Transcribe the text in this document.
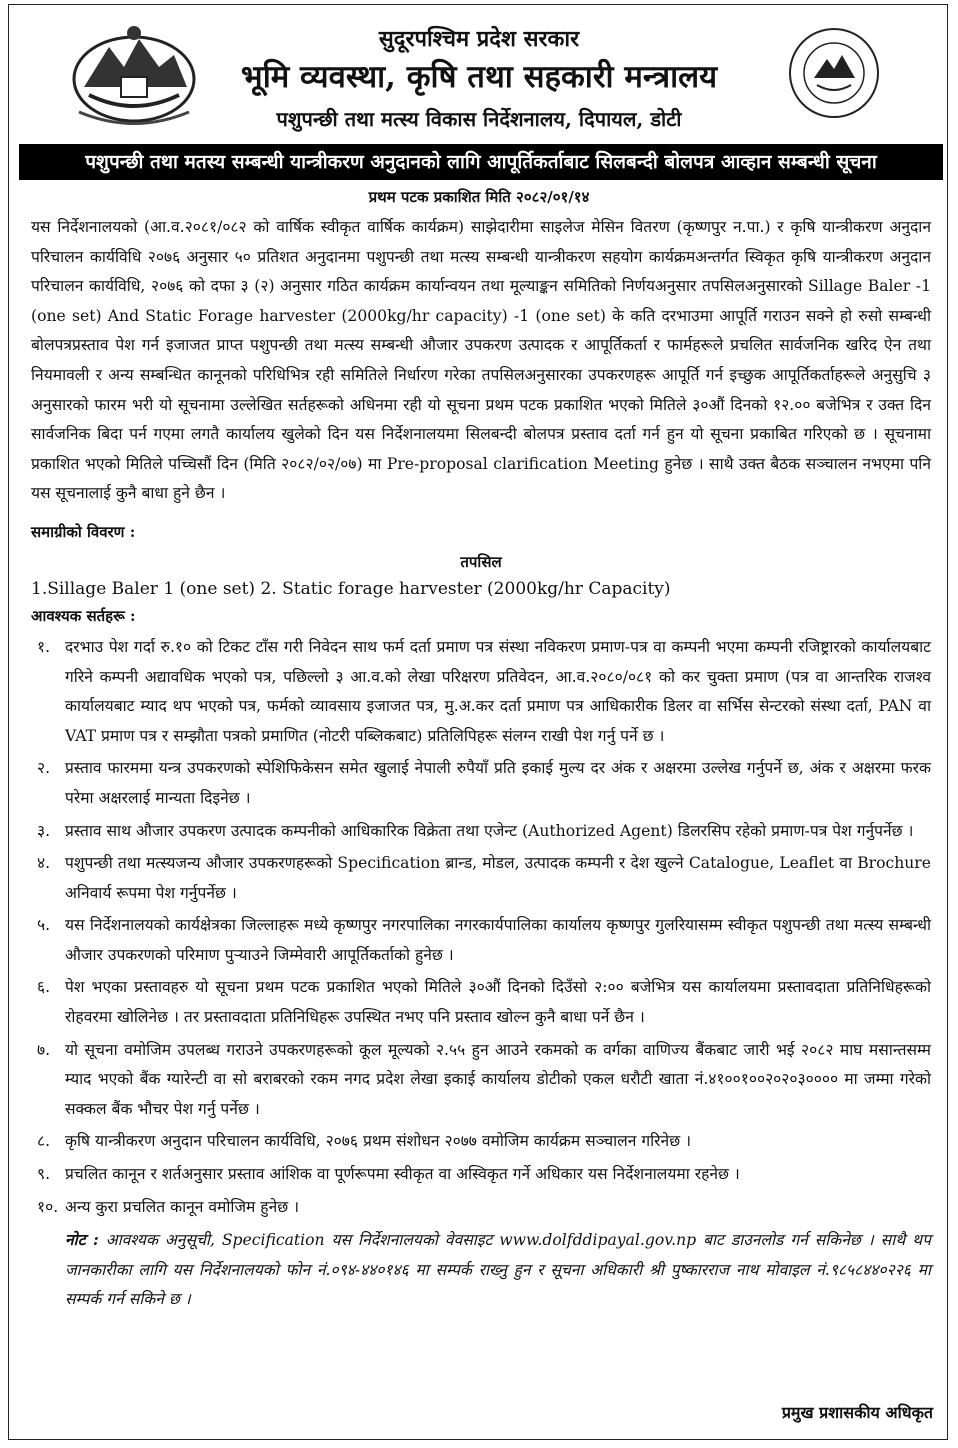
सुदूरपश्चिम प्रदेश सरकार
भूमि व्यवस्था, कृषि तथा सहकारी मन्त्रालय
पशुपन्छी तथा मत्स्य विकास निर्देशनालय, दिपायल, डोटी
पशुपन्छी तथा मतस्य सम्बन्धी यान्त्रीकरण अनुदानको लागि आपूर्तिकर्ताबाट सिलबन्दी बोलपत्र आव्हान सम्बन्धी सूचना
प्रथम पटक प्रकाशित मिति २०८२/०१/१४

यस निर्देशनालयको (आ.व.२०८१/०८२ को वार्षिक स्वीकृत वार्षिक कार्यक्रम) साझेदारीमा साइलेज मेसिन वितरण (कृष्णपुर न.पा.) र कृषि यान्त्रीकरण अनुदान परिचालन कार्यविधि २०७६ अनुसार ५० प्रतिशत अनुदानमा पशुपन्छी तथा मत्स्य सम्बन्धी यान्त्रीकरण सहयोग कार्यक्रमअन्तर्गत स्विकृत कृषि यान्त्रीकरण अनुदान परिचालन कार्यविधि, २०७६ को दफा ३ (२) अनुसार गठित कार्यक्रम कार्यान्वयन तथा मूल्याङ्कन समितिको निर्णयअनुसार तपसिलअनुसारको Sillage Baler -1 (one set) And Static Forage harvester (2000kg/hr capacity) -1 (one set) के कति दरभाउमा आपूर्ति गराउन सक्ने हो रुसो सम्बन्धी बोलपत्रप्रस्ताव पेश गर्न इजाजत प्राप्त पशुपन्छी तथा मत्स्य सम्बन्धी औजार उपकरण उत्पादक र आपूर्तिकर्ता र फार्महरूले प्रचलित सार्वजनिक खरिद ऐन तथा नियमावली र अन्य सम्बन्धित कानूनको परिधिभित्र रही समितिले निर्धारण गरेका तपसिलअनुसारका उपकरणहरू आपूर्ति गर्न इच्छुक आपूर्तिकर्ताहरूले अनुसुचि ३ अनुसारको फारम भरी यो सूचनामा उल्लेखित सर्तहरूको अधिनमा रही यो सूचना प्रथम पटक प्रकाशित भएको मितिले ३०औं दिनको १२.०० बजेभित्र र उक्त दिन सार्वजनिक बिदा पर्न गएमा लगतै कार्यालय खुलेको दिन यस निर्देशनालयमा सिलबन्दी बोलपत्र प्रस्ताव दर्ता गर्न हुन यो सूचना प्रकाबित गरिएको छ । सूचनामा प्रकाशित भएको मितिले पच्चिसौं दिन (मिति २०८२/०२/०७) मा Pre-proposal clarification Meeting हुनेछ । साथै उक्त बैठक सञ्चालन नभएमा पनि यस सूचनालाई कुनै बाधा हुने छैन ।

समाग्रीको विवरण :

तपसिल

1.Sillage Baler 1 (one set) 2. Static forage harvester (2000kg/hr Capacity)

आवश्यक सर्तहरू :

१. दरभाउ पेश गर्दा रु.१० को टिकट टाँस गरी निवेदन साथ फर्म दर्ता प्रमाण पत्र संस्था नविकरण प्रमाण-पत्र वा कम्पनी भएमा कम्पनी रजिष्ट्रारको कार्यालयबाट गरिने कम्पनी अद्यावधिक भएको पत्र, पछिल्लो ३ आ.व.को लेखा परिक्षरण प्रतिवेदन, आ.व.२०८०/०८१ को कर चुक्ता प्रमाण (पत्र वा आन्तरिक राजश्व कार्यालयबाट म्याद थप भएको पत्र, फर्मको व्यावसाय इजाजत पत्र, मु.अ.कर दर्ता प्रमाण पत्र आधिकारीक डिलर वा सर्भिस सेन्टरको संस्था दर्ता, PAN वा VAT प्रमाण पत्र र सम्झौता पत्रको प्रमाणित (नोटरी पब्लिकबाट) प्रतिलिपिहरू संलग्न राखी पेश गर्नु पर्ने छ ।
२. प्रस्ताव फारममा यन्त्र उपकरणको स्पेशिफिकेसन समेत खुलाई नेपाली रुपैयाँ प्रति इकाई मुल्य दर अंक र अक्षरमा उल्लेख गर्नुपर्ने छ, अंक र अक्षरमा फरक परेमा अक्षरलाई मान्यता दिइनेछ ।
३. प्रस्ताव साथ औजार उपकरण उत्पादक कम्पनीको आधिकारिक विक्रेता तथा एजेन्ट (Authorized Agent) डिलरसिप रहेको प्रमाण-पत्र पेश गर्नुपर्नेछ ।
४. पशुपन्छी तथा मत्स्यजन्य औजार उपकरणहरूको Specification ब्रान्ड, मोडल, उत्पादक कम्पनी र देश खुल्ने Catalogue, Leaflet वा Brochure अनिवार्य रूपमा पेश गर्नुपर्नेछ ।
५. यस निर्देशनालयको कार्यक्षेत्रका जिल्लाहरू मध्ये कृष्णपुर नगरपालिका नगरकार्यपालिका कार्यालय कृष्णपुर गुलरियासम्म स्वीकृत पशुपन्छी तथा मत्स्य सम्बन्धी औजार उपकरणको परिमाण पुऱ्याउने जिम्मेवारी आपूर्तिकर्ताको हुनेछ ।
६. पेश भएका प्रस्तावहरु यो सूचना प्रथम पटक प्रकाशित भएको मितिले ३०औं दिनको दिउँसो २:०० बजेभित्र यस कार्यालयमा प्रस्तावदाता प्रतिनिधिहरूको रोहवरमा खोलिनेछ । तर प्रस्तावदाता प्रतिनिधिहरू उपस्थित नभए पनि प्रस्ताव खोल्न कुनै बाधा पर्ने छैन ।
७. यो सूचना वमोजिम उपलब्ध गराउने उपकरणहरूको कूल मूल्यको २.५५ हुन आउने रकमको क वर्गका वाणिज्य बैंकबाट जारी भई २०८२ माघ मसान्तसम्म म्याद भएको बैंक ग्यारेन्टी वा सो बराबरको रकम नगद प्रदेश लेखा इकाई कार्यालय डोटीको एकल धरौटी खाता नं.४१००१००२०२०३०००० मा जम्मा गरेको सक्कल बैंक भौचर पेश गर्नु पर्नेछ ।
८. कृषि यान्त्रीकरण अनुदान परिचालन कार्यविधि, २०७६ प्रथम संशोधन २०७७ वमोजिम कार्यक्रम सञ्चालन गरिनेछ ।
९. प्रचलित कानून र शर्तअनुसार प्रस्ताव आंशिक वा पूर्णरूपमा स्वीकृत वा अस्विकृत गर्ने अधिकार यस निर्देशनालयमा रहनेछ ।
१०. अन्य कुरा प्रचलित कानून वमोजिम हुनेछ ।

नोट : आवश्यक अनुसूची, Specification यस निर्देशनालयको वेवसाइट www.dolfddipayal.gov.np बाट डाउनलोड गर्न सकिनेछ । साथै थप जानकारीका लागि यस निर्देशनालयको फोन नं.०९४-४४०१४६ मा सम्पर्क राख्नु हुन र सूचना अधिकारी श्री पुष्कारराज नाथ मोवाइल नं.९८५८४४०२२६ मा सम्पर्क गर्न सकिने छ ।

प्रमुख प्रशासकीय अधिकृत
